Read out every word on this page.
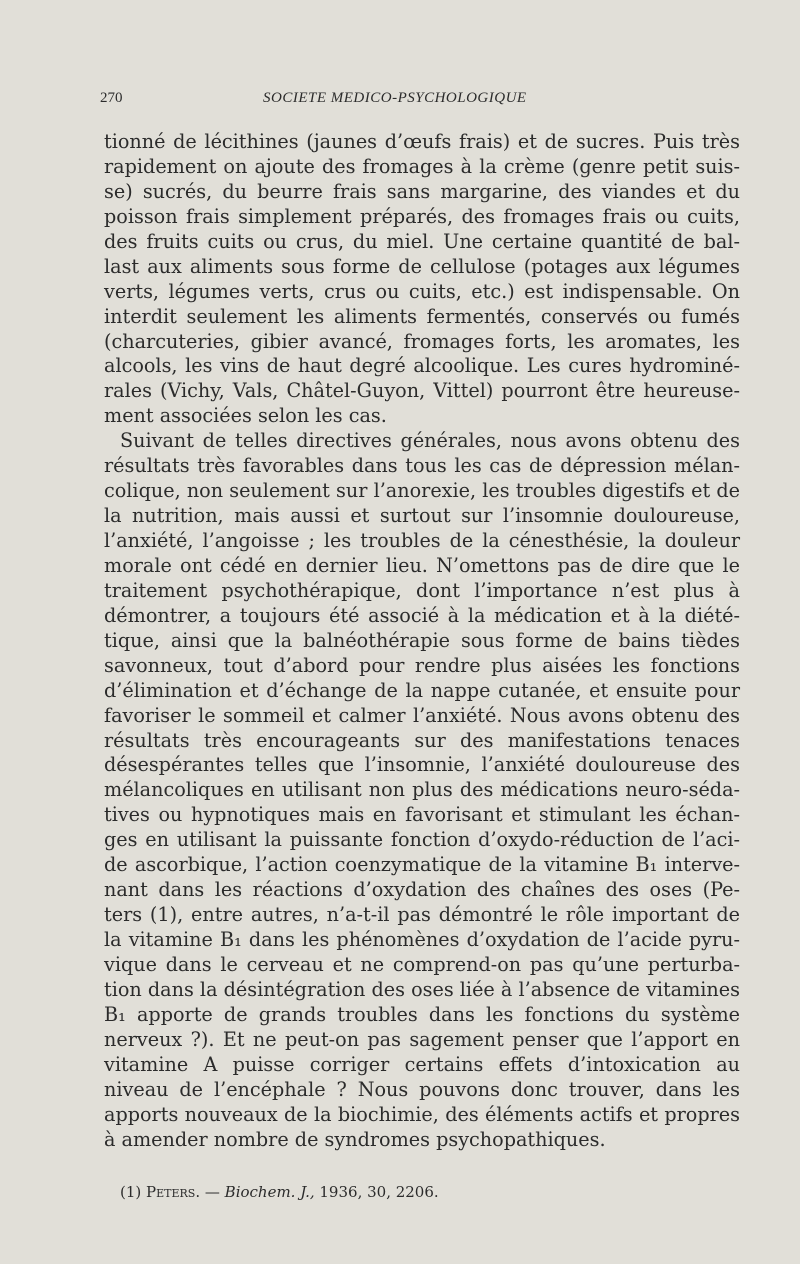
270	SOCIETE MEDICO-PSYCHOLOGIQUE
tionné de lécithines (jaunes d’œufs frais) et de sucres. Puis très
rapidement on ajoute des fromages à la crème (genre petit suis-
se) sucrés, du beurre frais sans margarine, des viandes et du
poisson frais simplement préparés, des fromages frais ou cuits,
des fruits cuits ou crus, du miel. Une certaine quantité de bal-
last aux aliments sous forme de cellulose (potages aux légumes
verts, légumes verts, crus ou cuits, etc.) est indispensable. On
interdit seulement les aliments fermentés, conservés ou fumés
(charcuteries, gibier avancé, fromages forts, les aromates, les
alcools, les vins de haut degré alcoolique. Les cures hydrominé-
rales (Vichy, Vals, Châtel-Guyon, Vittel) pourront être heureuse-
ment associées selon les cas.
Suivant de telles directives générales, nous avons obtenu des
résultats très favorables dans tous les cas de dépression mélan-
colique, non seulement sur l’anorexie, les troubles digestifs et de
la nutrition, mais aussi et surtout sur l’insomnie douloureuse,
l’anxiété, l’angoisse ; les troubles de la cénesthésie, la douleur
morale ont cédé en dernier lieu. N’omettons pas de dire que le
traitement psychothérapique, dont l’importance n’est plus à
démontrer, a toujours été associé à la médication et à la diété-
tique, ainsi que la balnéothérapie sous forme de bains tièdes
savonneux, tout d’abord pour rendre plus aisées les fonctions
d’élimination et d’échange de la nappe cutanée, et ensuite pour
favoriser le sommeil et calmer l’anxiété. Nous avons obtenu des
résultats très encourageants sur des manifestations tenaces
désespérantes telles que l’insomnie, l’anxiété douloureuse des
mélancoliques en utilisant non plus des médications neuro-séda-
tives ou hypnotiques mais en favorisant et stimulant les échan-
ges en utilisant la puissante fonction d’oxydo-réduction de l’aci-
de ascorbique, l’action coenzymatique de la vitamine B₁ interve-
nant dans les réactions d’oxydation des chaînes des oses (Pe-
ters (1), entre autres, n’a-t-il pas démontré le rôle important de
la vitamine B₁ dans les phénomènes d’oxydation de l’acide pyru-
vique dans le cerveau et ne comprend-on pas qu’une perturba-
tion dans la désintégration des oses liée à l’absence de vitamines
B₁ apporte de grands troubles dans les fonctions du système
nerveux ?). Et ne peut-on pas sagement penser que l’apport en
vitamine A puisse corriger certains effets d’intoxication au
niveau de l’encéphale ? Nous pouvons donc trouver, dans les
apports nouveaux de la biochimie, des éléments actifs et propres
à amender nombre de syndromes psychopathiques.
(1) Peters. — Biochem. J., 1936, 30, 2206.
